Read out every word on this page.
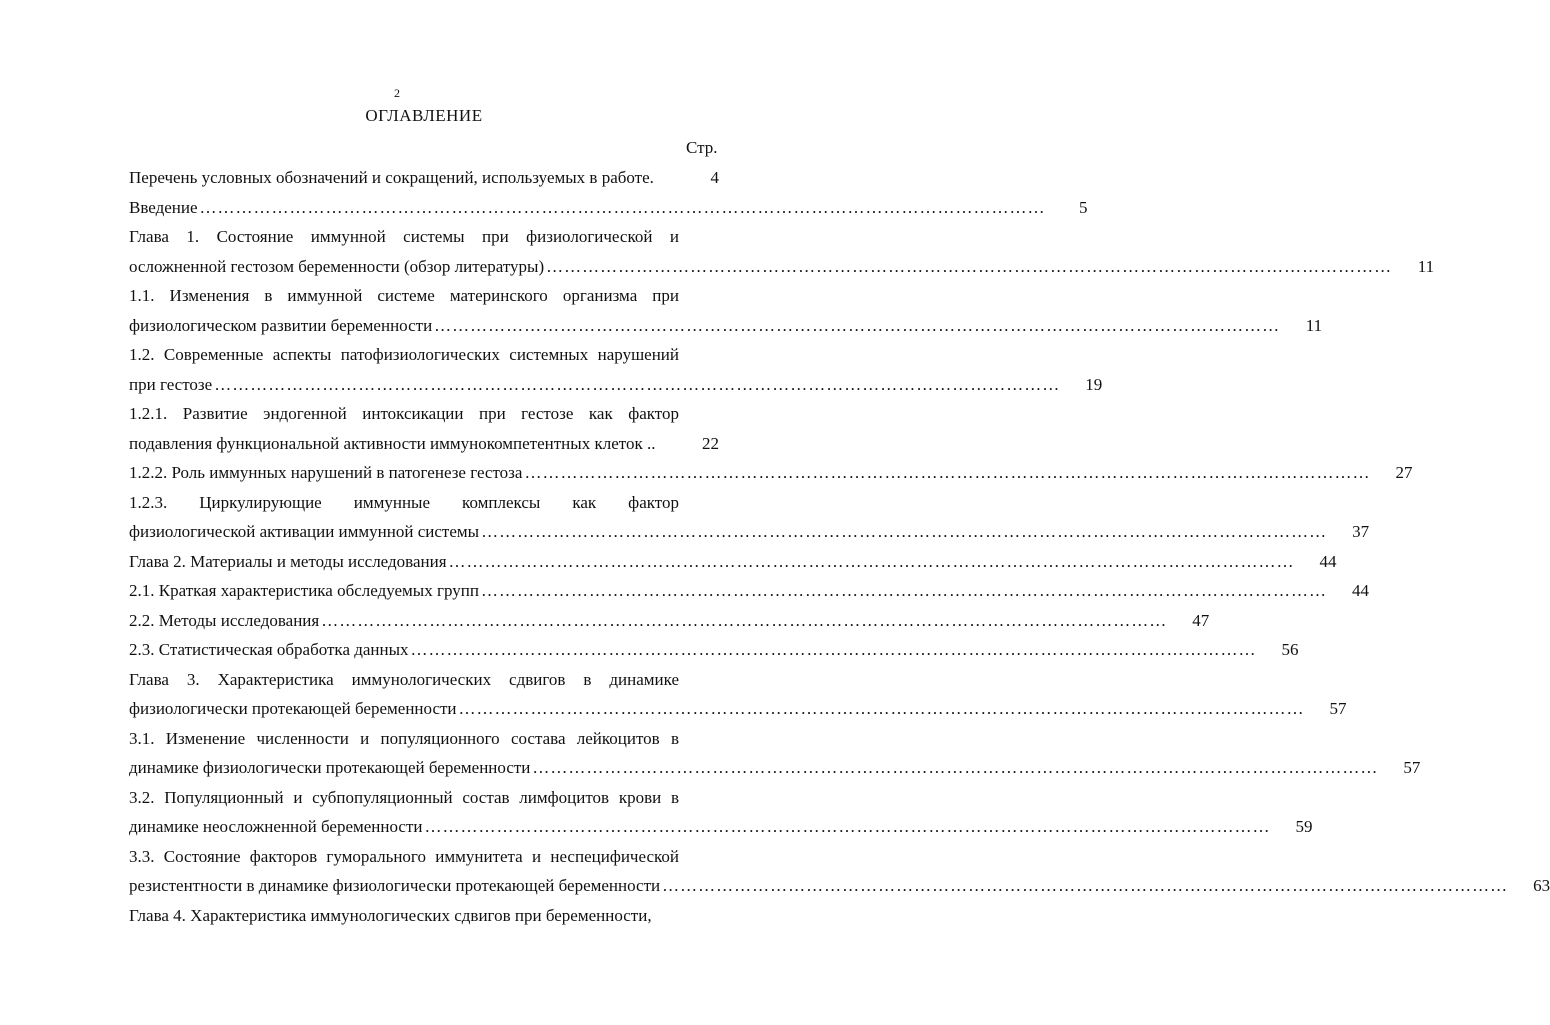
2
ОГЛАВЛЕНИЕ
Стр.
Перечень условных обозначений и сокращений, используемых в работе.	4
Введение ……………………………………………………………………………………………………………………………	5
Глава 1. Состояние иммунной системы при физиологической и
осложненной гестозом беременности (обзор литературы) ……………………………………………………………………………………………………………………………	11
1.1. Изменения в иммунной системе материнского организма при
физиологическом развитии беременности ……………………………………………………………………………………………………………………………	11
1.2. Современные аспекты патофизиологических системных нарушений
при гестозе ……………………………………………………………………………………………………………………………	19
1.2.1. Развитие эндогенной интоксикации при гестозе как фактор
подавления функциональной активности иммунокомпетентных клеток ..	22
1.2.2. Роль иммунных нарушений в патогенезе гестоза ……………………………………………………………………………………………………………………………	27
1.2.3. Циркулирующие иммунные комплексы как фактор
физиологической активации иммунной системы ……………………………………………………………………………………………………………………………	37
Глава 2. Материалы и методы исследования ……………………………………………………………………………………………………………………………	44
2.1. Краткая характеристика обследуемых групп ……………………………………………………………………………………………………………………………	44
2.2. Методы исследования ……………………………………………………………………………………………………………………………	47
2.3. Статистическая обработка данных ……………………………………………………………………………………………………………………………	56
Глава 3. Характеристика иммунологических сдвигов в динамике
физиологически протекающей беременности ……………………………………………………………………………………………………………………………	57
3.1. Изменение численности и популяционного состава лейкоцитов в
динамике физиологически протекающей беременности ……………………………………………………………………………………………………………………………	57
3.2. Популяционный и субпопуляционный состав лимфоцитов крови в
динамике неосложненной беременности ……………………………………………………………………………………………………………………………	59
3.3. Состояние факторов гуморального иммунитета и неспецифической
резистентности в динамике физиологически протекающей беременности ……………………………………………………………………………………………………………………………	63
Глава 4. Характеристика иммунологических сдвигов при беременности,
